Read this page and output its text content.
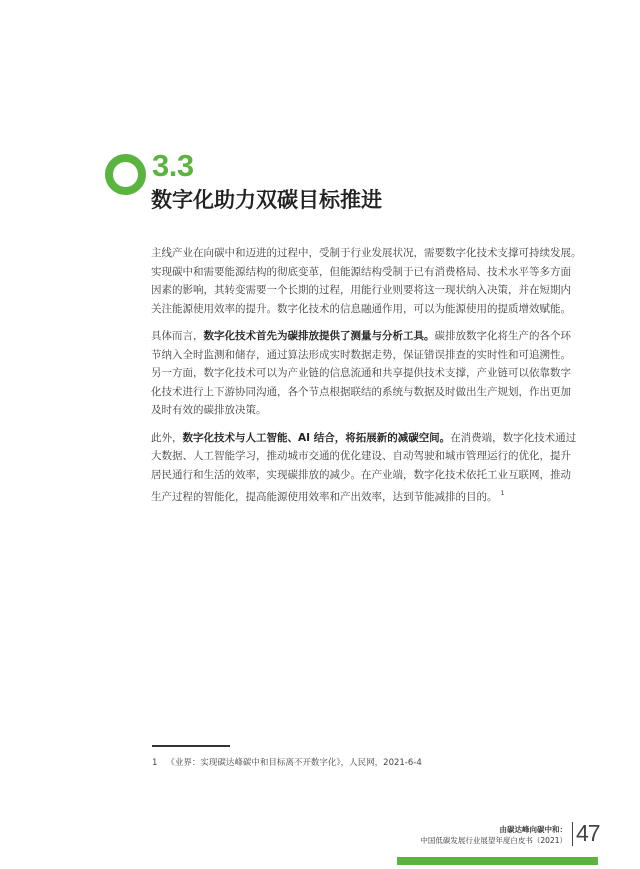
3.3
数字化助力双碳目标推进
主线产业在向碳中和迈进的过程中，受制于行业发展状况，需要数字化技术支撑可持续发展。
实现碳中和需要能源结构的彻底变革，但能源结构受制于已有消费格局、技术水平等多方面
因素的影响，其转变需要一个长期的过程，用能行业则要将这一现状纳入决策，并在短期内
关注能源使用效率的提升。数字化技术的信息融通作用，可以为能源使用的提质增效赋能。
具体而言，数字化技术首先为碳排放提供了测量与分析工具。碳排放数字化将生产的各个环
节纳入全时监测和储存，通过算法形成实时数据走势，保证错误排查的实时性和可追溯性。
另一方面，数字化技术可以为产业链的信息流通和共享提供技术支撑，产业链可以依靠数字
化技术进行上下游协同沟通，各个节点根据联结的系统与数据及时做出生产规划，作出更加
及时有效的碳排放决策。
此外，数字化技术与人工智能、AI 结合，将拓展新的减碳空间。在消费端，数字化技术通过
大数据、人工智能学习，推动城市交通的优化建设、自动驾驶和城市管理运行的优化，提升
居民通行和生活的效率，实现碳排放的减少。在产业端，数字化技术依托工业互联网，推动
生产过程的智能化，提高能源使用效率和产出效率，达到节能减排的目的。 $^1$
1 《业界：实现碳达峰碳中和目标离不开数字化》，人民网，2021-6-4
由碳达峰向碳中和：
中国低碳发展行业展望年度白皮书（2021） 47
